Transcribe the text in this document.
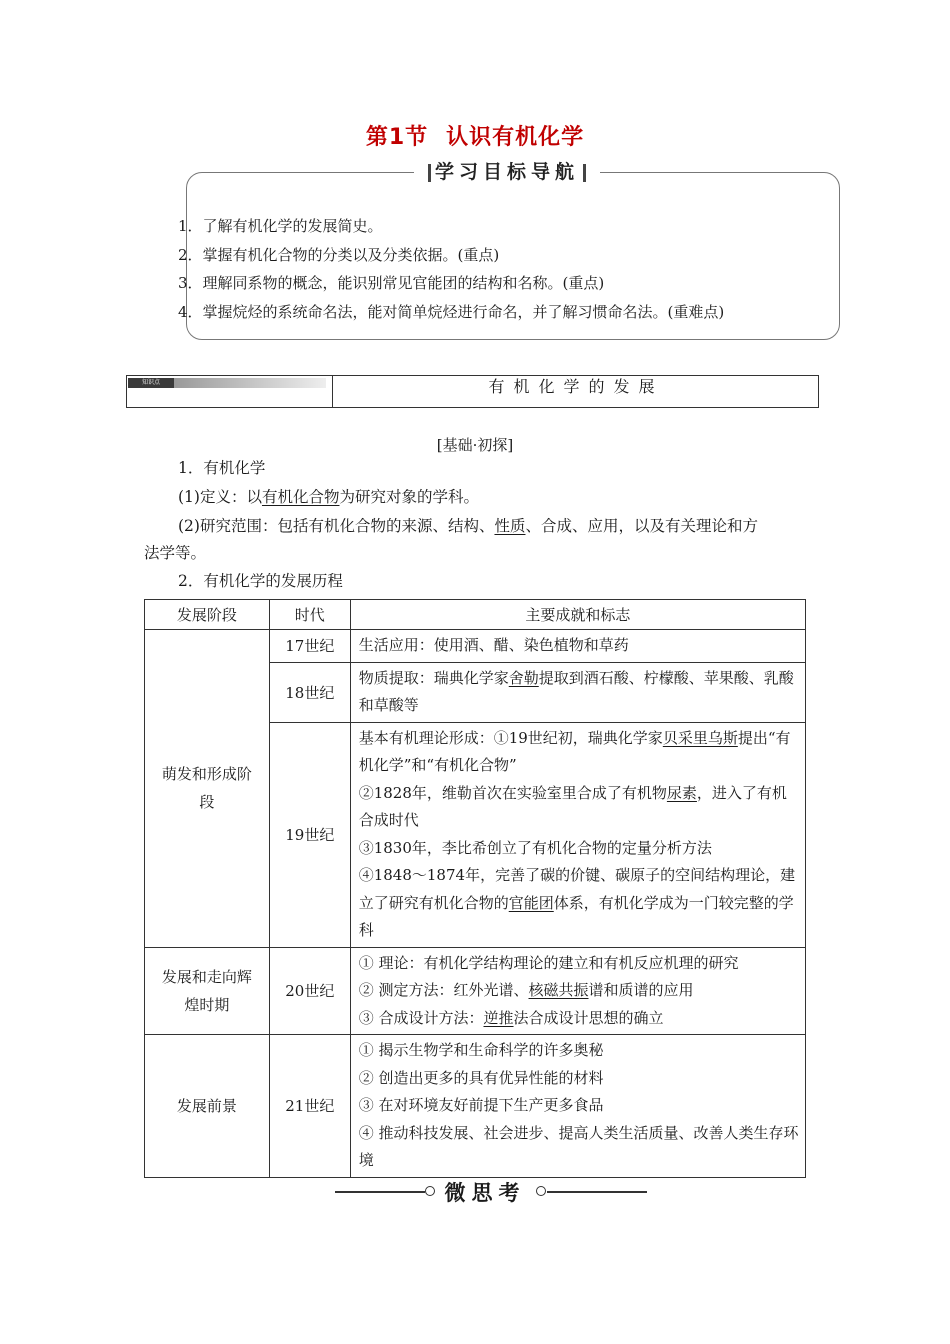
第1节 认识有机化学
学习目标导航
1．了解有机化学的发展简史。
2．掌握有机化合物的分类以及分类依据。(重点)
3．理解同系物的概念，能识别常见官能团的结构和名称。(重点)
4．掌握烷烃的系统命名法，能对简单烷烃进行命名，并了解习惯命名法。(重难点)
知识点	有机化学的发展
[基础·初探]
1．有机化学
(1)定义：以有机化合物为研究对象的学科。
(2)研究范围：包括有机化合物的来源、结构、性质、合成、应用，以及有关理论和方
法学等。
2．有机化学的发展历程
发展阶段	时代	主要成就和标志
萌发和形成阶段	17世纪	生活应用：使用酒、醋、染色植物和草药
	18世纪	物质提取：瑞典化学家舍勒提取到酒石酸、柠檬酸、苹果酸、乳酸和草酸等
	19世纪	基本有机理论形成：①19世纪初，瑞典化学家贝采里乌斯提出“有机化学”和“有机化合物”
②1828年，维勒首次在实验室里合成了有机物尿素，进入了有机合成时代
③1830年，李比希创立了有机化合物的定量分析方法
④1848～1874年，完善了碳的价键、碳原子的空间结构理论，建立了研究有机化合物的官能团体系，有机化学成为一门较完整的学科

发展和走向辉煌时期	20世纪	① 理论：有机化学结构理论的建立和有机反应机理的研究
② 测定方法：红外光谱、核磁共振谱和质谱的应用
③ 合成设计方法：逆推法合成设计思想的确立

发展前景	21世纪	① 揭示生物学和生命科学的许多奥秘
② 创造出更多的具有优异性能的材料
③ 在对环境友好前提下生产更多食品
④ 推动科技发展、社会进步、提高人类生活质量、改善人类生存环境
微思考
